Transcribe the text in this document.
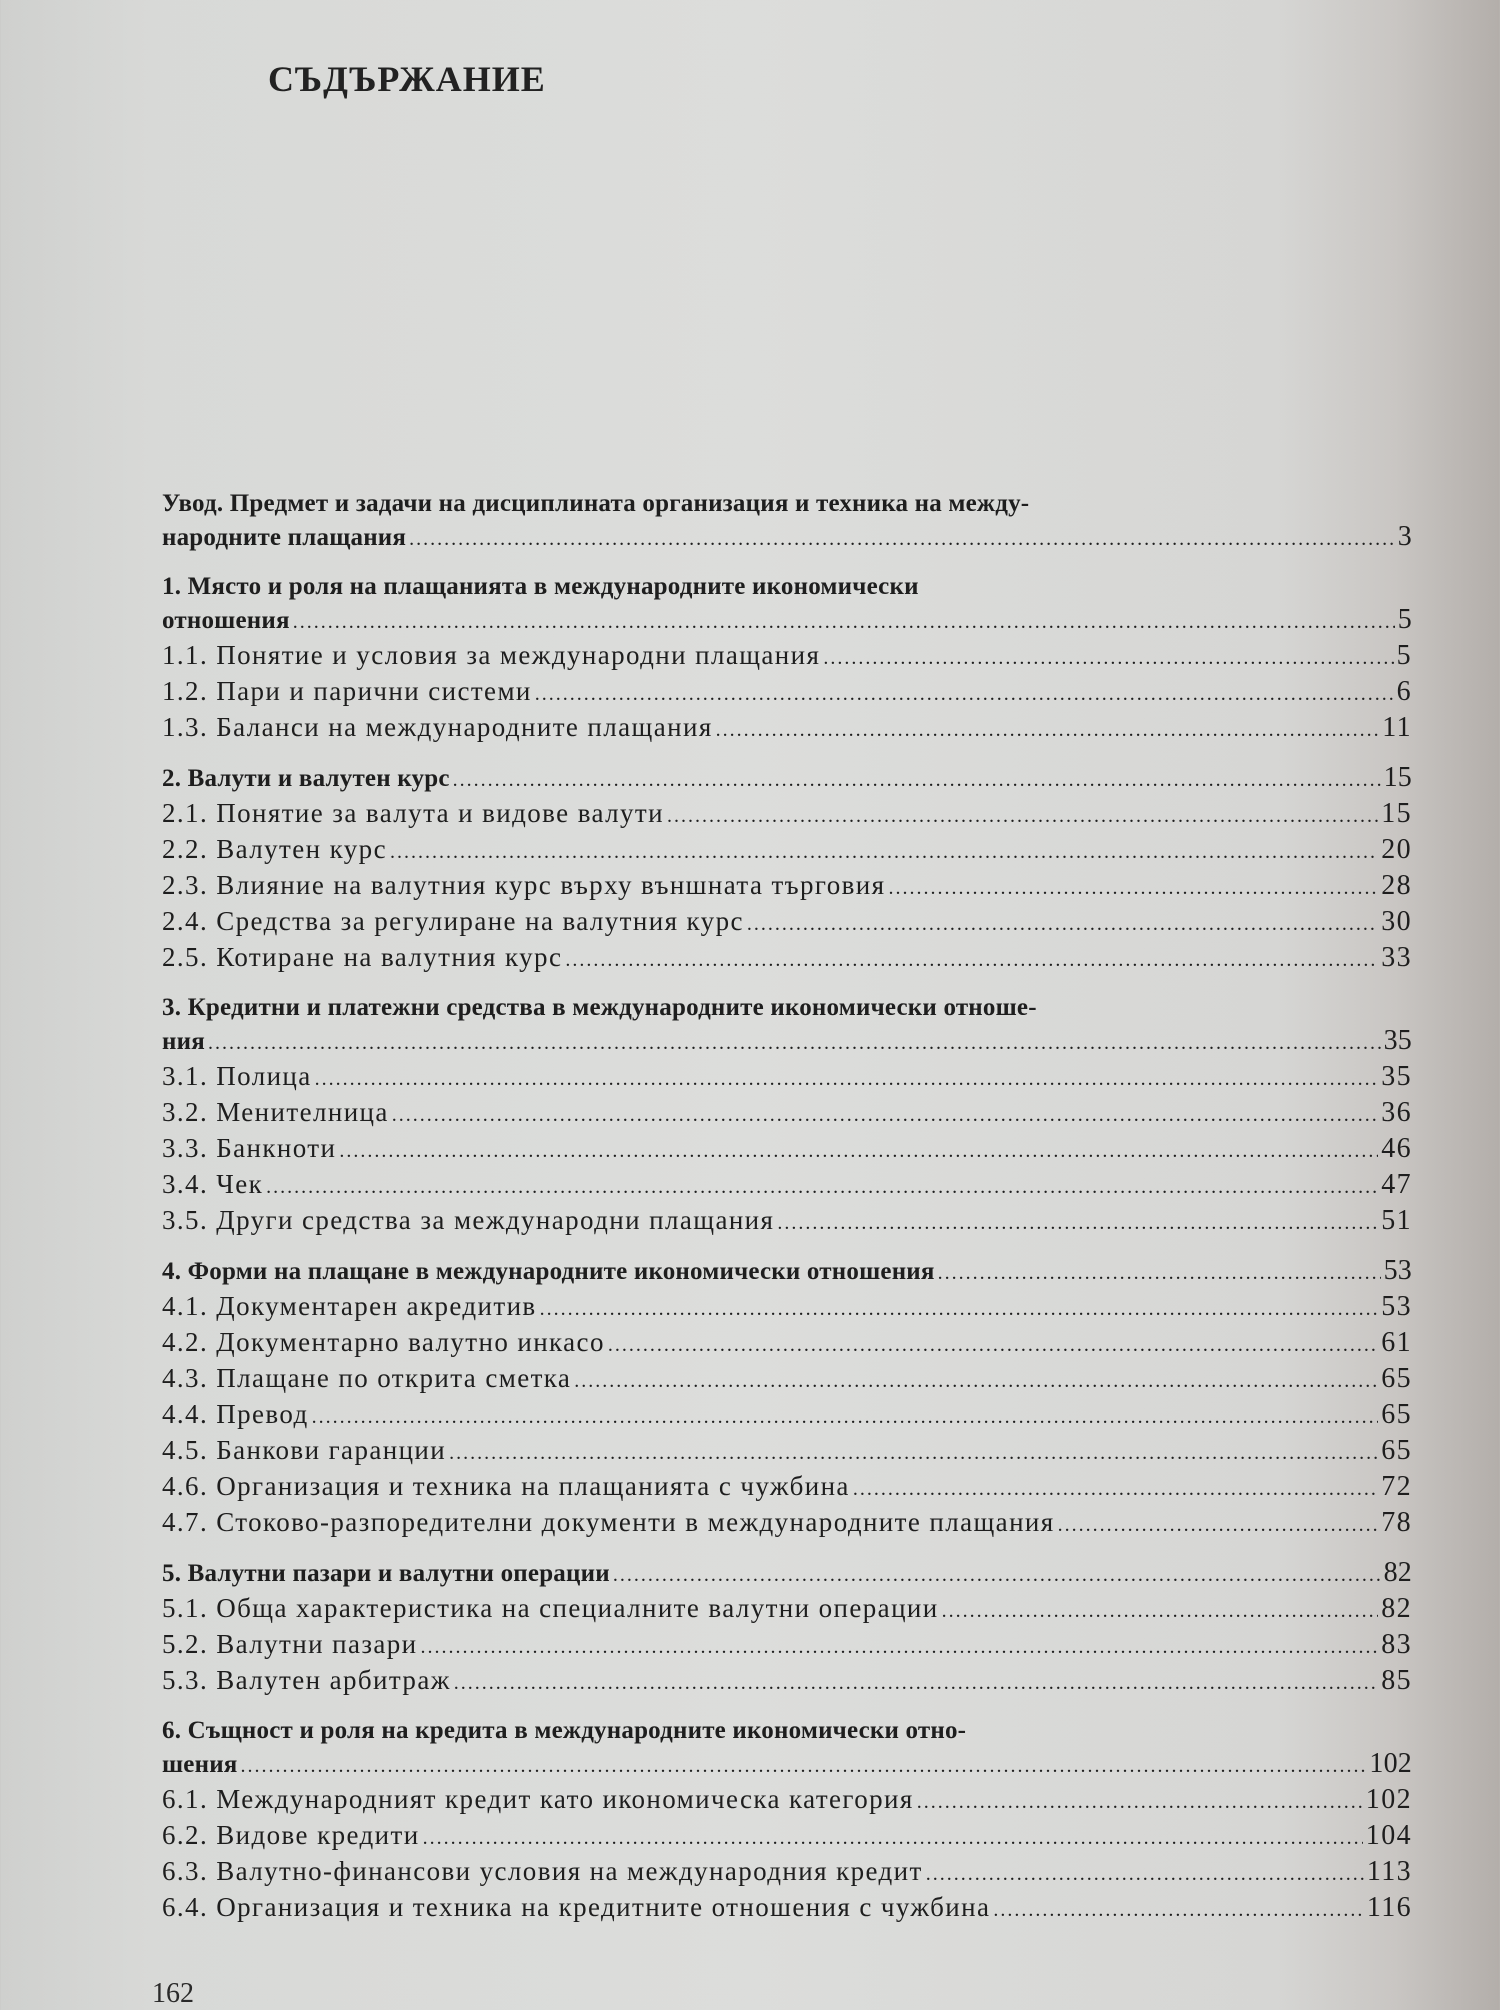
СЪДЪРЖАНИЕ
Увод. Предмет и задачи на дисциплината организация и техника на между-
народните плащания .....	3
1. Място и роля на плащанията в международните икономически
отношения .....	5
1.1. Понятие и условия за международни плащания .....	5
1.2. Пари и парични системи .....	6
1.3. Баланси на международните плащания .....	11
2. Валути и валутен курс .....	15
2.1. Понятие за валута и видове валути .....	15
2.2. Валутен курс .....	20
2.3. Влияние на валутния курс върху външната търговия .....	28
2.4. Средства за регулиране на валутния курс .....	30
2.5. Котиране на валутния курс .....	33
3. Кредитни и платежни средства в международните икономически отноше-
ния .....	35
3.1. Полица .....	35
3.2. Менителница .....	36
3.3. Банкноти .....	46
3.4. Чек .....	47
3.5. Други средства за международни плащания .....	51
4. Форми на плащане в международните икономически отношения .....	53
4.1. Документарен акредитив .....	53
4.2. Документарно валутно инкасо .....	61
4.3. Плащане по открита сметка .....	65
4.4. Превод .....	65
4.5. Банкови гаранции .....	65
4.6. Организация и техника на плащанията с чужбина .....	72
4.7. Стоково-разпоредителни документи в международните плащания .....	78
5. Валутни пазари и валутни операции .....	82
5.1. Обща характеристика на специалните валутни операции .....	82
5.2. Валутни пазари .....	83
5.3. Валутен арбитраж .....	85
6. Същност и роля на кредита в международните икономически отно-
шения .....	102
6.1. Международният кредит като икономическа категория .....	102
6.2. Видове кредити .....	104
6.3. Валутно-финансови условия на международния кредит .....	113
6.4. Организация и техника на кредитните отношения с чужбина .....	116
162
